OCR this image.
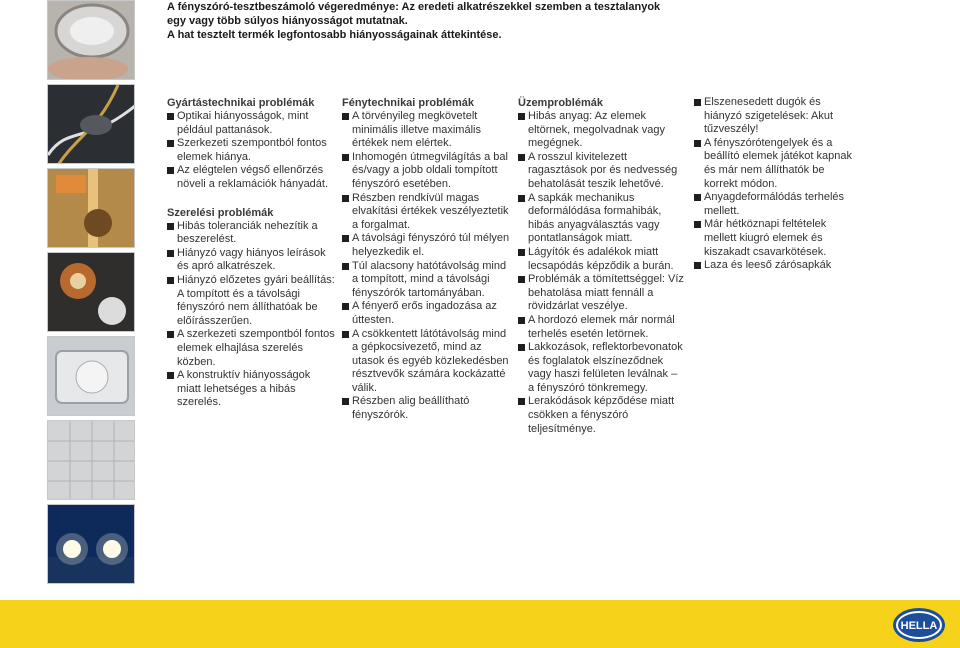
A fényszóró-tesztbeszámoló végeredménye: Az eredeti alkatrészekkel szemben a tesztalanyok
egy vagy több súlyos hiányosságot mutatnak.
A hat tesztelt termék legfontosabb hiányosságainak áttekintése.
Gyártástechnikai problémák
Optikai hiányosságok, mint
például pattanások.
Szerkezeti szempontból fontos
elemek hiánya.
Az elégtelen végső ellenőrzés
növeli a reklamációk hányadát.
Szerelési problémák
Hibás toleranciák nehezítik a
beszerelést.
Hiányzó vagy hiányos leírások
és apró alkatrészek.
Hiányzó előzetes gyári beállítás:
A tompított és a távolsági
fényszóró nem állíthatóak be
előírásszerűen.
A szerkezeti szempontból fontos
elemek elhajlása szerelés
közben.
A konstruktív hiányosságok
miatt lehetséges a hibás
szerelés.
Fénytechnikai problémák
A törvényileg megkövetelt
minimális illetve maximális
értékek nem elértek.
Inhomogén útmegvilágítás a bal
és/vagy a jobb oldali tompított
fényszóró esetében.
Részben rendkívül magas
elvakítási értékek veszélyeztetik
a forgalmat.
A távolsági fényszóró túl mélyen
helyezkedik el.
Túl alacsony hatótávolság mind
a tompított, mind a távolsági
fényszórók tartományában.
A fényerő erős ingadozása az
úttesten.
A csökkentett látótávolság mind
a gépkocsivezető, mind az
utasok és egyéb közlekedésben
résztvevők számára kockázatté
válik.
Részben alig beállítható
fényszórók.
Üzemproblémák
Hibás anyag: Az elemek
eltörnek, megolvadnak vagy
megégnek.
A rosszul kivitelezett
ragasztások por és nedvesség
behatolását teszik lehetővé.
A sapkák mechanikus
deformálódása formahibák,
hibás anyagválasztás vagy
pontatlanságok miatt.
Lágyítók és adalékok miatt
lecsapódás képződik a burán.
Problémák a tömítettséggel: Víz
behatolása miatt fennáll a
rövidzárlat veszélye.
A hordozó elemek már normál
terhelés esetén letörnek.
Lakkozások, reflektorbevonatok
és foglalatok elszíneződnek
vagy haszi felületen leválnak –
a fényszóró tönkremegy.
Lerakódások képződése miatt
csökken a fényszóró
teljesítménye.
Elszenesedett dugók és
hiányzó szigetelések: Akut
tűzveszély!
A fényszórótengelyek és a
beállító elemek játékot kapnak
és már nem állíthatók be
korrekt módon.
Anyagdeformálódás terhelés
mellett.
Már hétköznapi feltételek
mellett kiugró elemek és
kiszakadt csavarkötések.
Laza és leeső zárósapkák
HELLA
